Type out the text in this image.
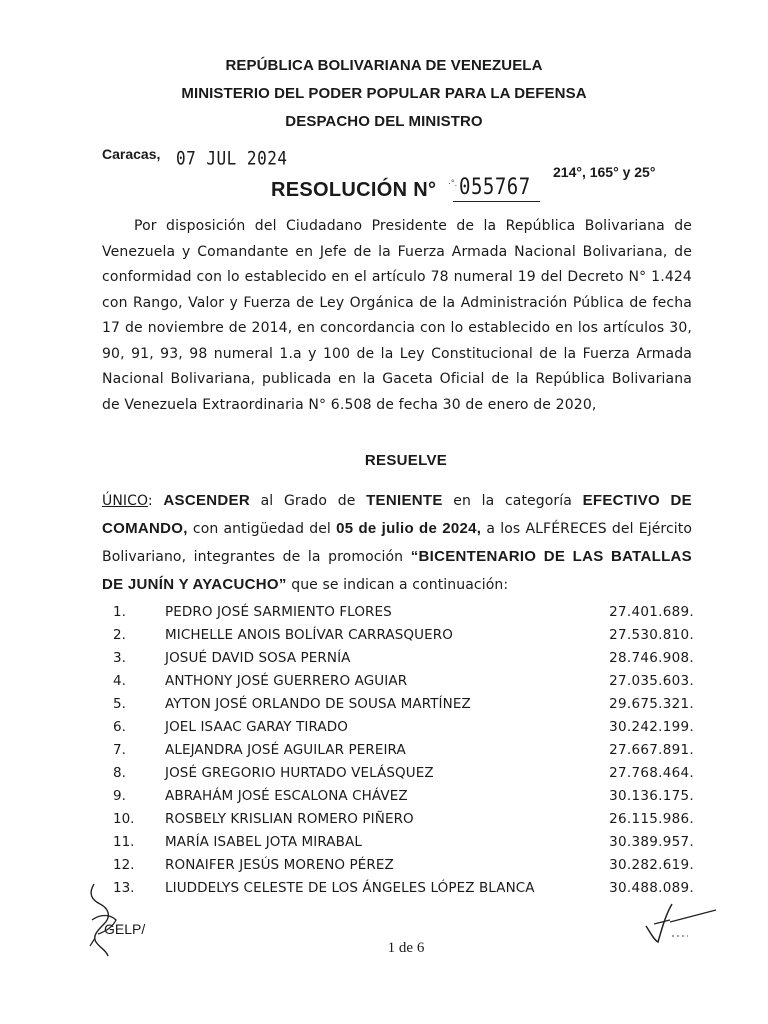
REPÚBLICA BOLIVARIANA DE VENEZUELA
MINISTERIO DEL PODER POPULAR PARA LA DEFENSA
DESPACHO DEL MINISTRO
Caracas, 07 JUL 2024
214°, 165° y 25°
RESOLUCIÓN N° ·°. 055767
Por disposición del Ciudadano Presidente de la República Bolivariana de Venezuela y Comandante en Jefe de la Fuerza Armada Nacional Bolivariana, de conformidad con lo establecido en el artículo 78 numeral 19 del Decreto N° 1.424 con Rango, Valor y Fuerza de Ley Orgánica de la Administración Pública de fecha 17 de noviembre de 2014, en concordancia con lo establecido en los artículos 30, 90, 91, 93, 98 numeral 1.a y 100 de la Ley Constitucional de la Fuerza Armada Nacional Bolivariana, publicada en la Gaceta Oficial de la República Bolivariana de Venezuela Extraordinaria N° 6.508 de fecha 30 de enero de 2020,
RESUELVE
ÚNICO: ASCENDER al Grado de TENIENTE en la categoría EFECTIVO DE COMANDO, con antigüedad del 05 de julio de 2024, a los ALFÉRECES del Ejército Bolivariano, integrantes de la promoción “BICENTENARIO DE LAS BATALLAS DE JUNÍN Y AYACUCHO” que se indican a continuación:
1.	PEDRO JOSÉ SARMIENTO FLORES	27.401.689.
2.	MICHELLE ANOIS BOLÍVAR CARRASQUERO	27.530.810.
3.	JOSUÉ DAVID SOSA PERNÍA	28.746.908.
4.	ANTHONY JOSÉ GUERRERO AGUIAR	27.035.603.
5.	AYTON JOSÉ ORLANDO DE SOUSA MARTÍNEZ	29.675.321.
6.	JOEL ISAAC GARAY TIRADO	30.242.199.
7.	ALEJANDRA JOSÉ AGUILAR PEREIRA	27.667.891.
8.	JOSÉ GREGORIO HURTADO VELÁSQUEZ	27.768.464.
9.	ABRAHÁM JOSÉ ESCALONA CHÁVEZ	30.136.175.
10. ROSBELY KRISLIAN ROMERO PIÑERO	26.115.986.
11. MARÍA ISABEL JOTA MIRABAL	30.389.957.
12. RONAIFER JESÚS MORENO PÉREZ	30.282.619.
13. LIUDDELYS CELESTE DE LOS ÁNGELES LÓPEZ BLANCA	30.488.089.
GELP/
1 de 6
